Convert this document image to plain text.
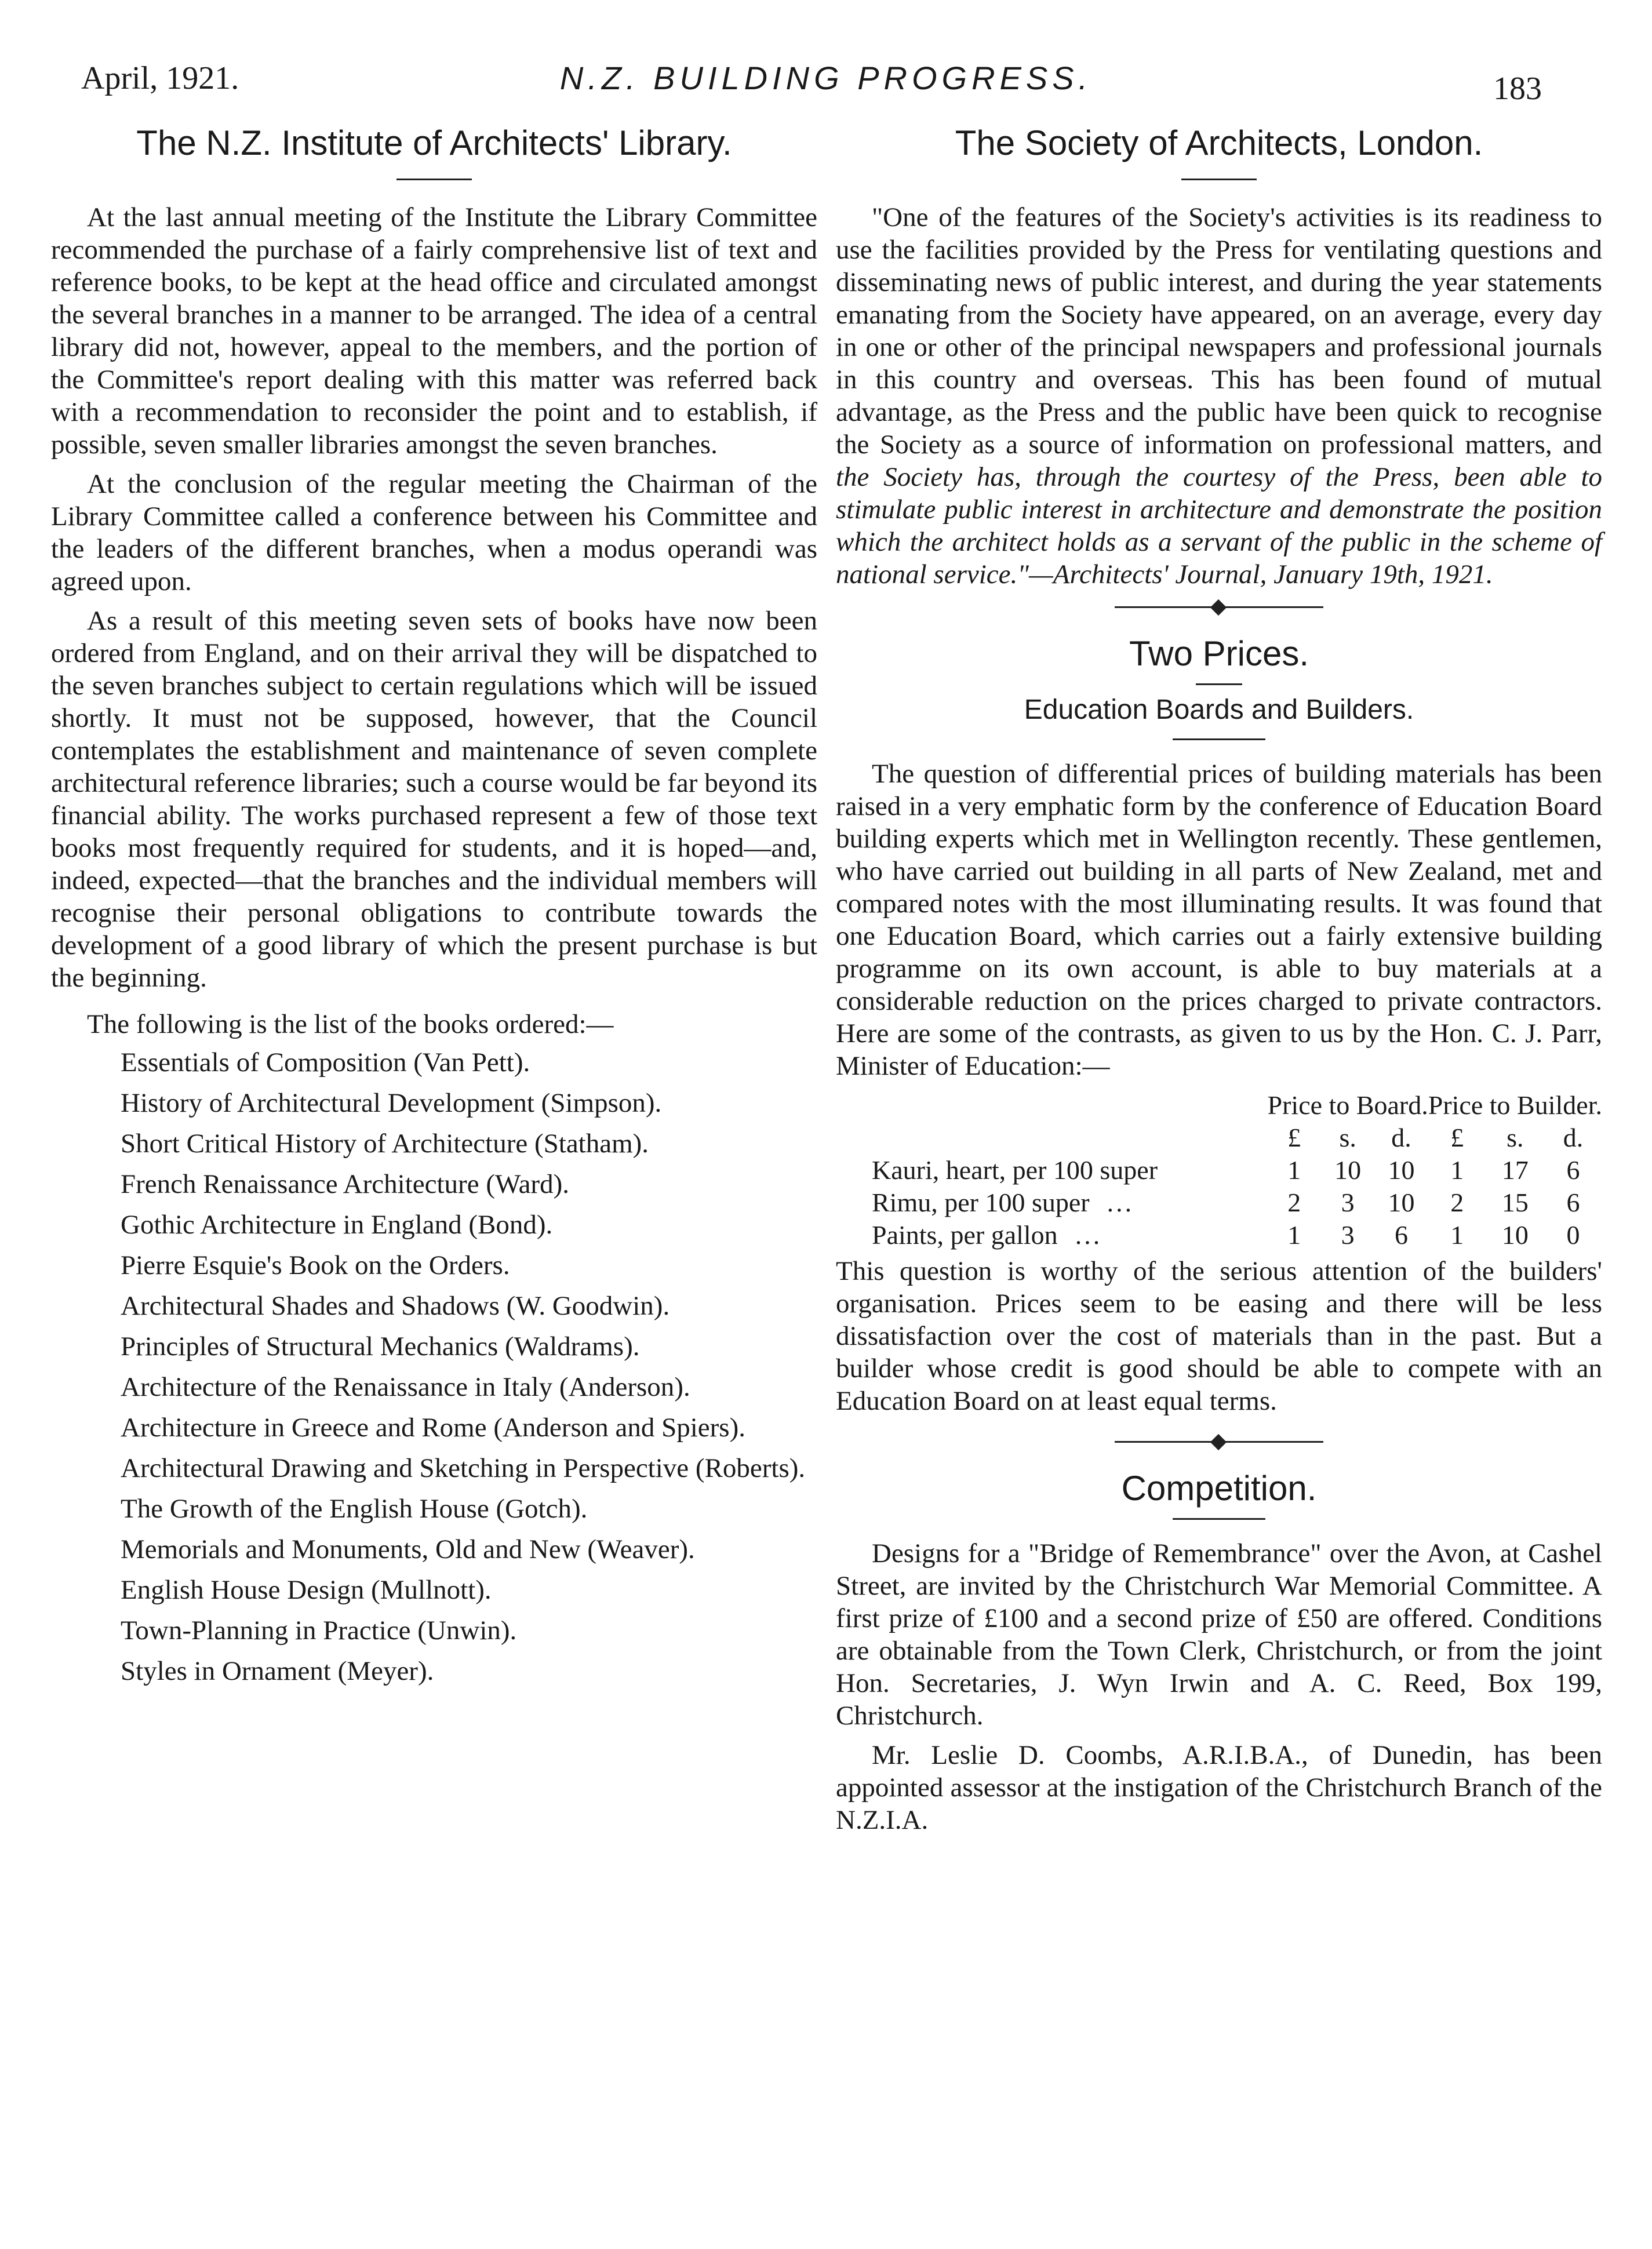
April, 1921.	N.Z. BUILDING PROGRESS.	183
The N.Z. Institute of Architects' Library.

At the last annual meeting of the Institute the Library Committee recommended the purchase of a fairly comprehensive list of text and reference books, to be kept at the head office and circulated amongst the several branches in a manner to be arranged. The idea of a central library did not, however, appeal to the members, and the portion of the Committee's report dealing with this matter was referred back with a recommendation to reconsider the point and to establish, if possible, seven smaller libraries amongst the seven branches.

At the conclusion of the regular meeting the Chairman of the Library Committee called a conference between his Committee and the leaders of the different branches, when a modus operandi was agreed upon.

As a result of this meeting seven sets of books have now been ordered from England, and on their arrival they will be dispatched to the seven branches subject to certain regulations which will be issued shortly. It must not be supposed, however, that the Council contemplates the establishment and maintenance of seven complete architectural reference libraries; such a course would be far beyond its financial ability. The works purchased represent a few of those text books most frequently required for students, and it is hoped—and, indeed, expected—that the branches and the individual members will recognise their personal obligations to contribute towards the development of a good library of which the present purchase is but the beginning.

The following is the list of the books ordered:—

Essentials of Composition (Van Pett).
History of Architectural Development (Simpson).
Short Critical History of Architecture (Statham).
French Renaissance Architecture (Ward).
Gothic Architecture in England (Bond).
Pierre Esquie's Book on the Orders.
Architectural Shades and Shadows (W. Goodwin).
Principles of Structural Mechanics (Waldrams).
Architecture of the Renaissance in Italy (Anderson).
Architecture in Greece and Rome (Anderson and Spiers).
Architectural Drawing and Sketching in Perspective (Roberts).
The Growth of the English House (Gotch).
Memorials and Monuments, Old and New (Weaver).
English House Design (Mullnott).
Town-Planning in Practice (Unwin).
Styles in Ornament (Meyer).
The Society of Architects, London.

"One of the features of the Society's activities is its readiness to use the facilities provided by the Press for ventilating questions and disseminating news of public interest, and during the year statements emanating from the Society have appeared, on an average, every day in one or other of the principal newspapers and professional journals in this country and overseas. This has been found of mutual advantage, as the Press and the public have been quick to recognise the Society as a source of information on professional matters, and the Society has, through the courtesy of the Press, been able to stimulate public interest in architecture and demonstrate the position which the architect holds as a servant of the public in the scheme of national service."—Architects' Journal, January 19th, 1921.

Two Prices.
Education Boards and Builders.

The question of differential prices of building materials has been raised in a very emphatic form by the conference of Education Board building experts which met in Wellington recently. These gentlemen, who have carried out building in all parts of New Zealand, met and compared notes with the most illuminating results. It was found that one Education Board, which carries out a fairly extensive building programme on its own account, is able to buy materials at a considerable reduction on the prices charged to private contractors. Here are some of the contrasts, as given to us by the Hon. C. J. Parr, Minister of Education:—

	Price to Board.			Price to Builder.		
	£	s.	d.	£	s.	d.
Kauri, heart, per 100 super	1	10	10	1	17	6
Rimu, per 100 super ...	2	3	10	2	15	6
Paints, per gallon ...	1	3	6	1	10	0

This question is worthy of the serious attention of the builders' organisation. Prices seem to be easing and there will be less dissatisfaction over the cost of materials than in the past. But a builder whose credit is good should be able to compete with an Education Board on at least equal terms.

Competition.

Designs for a "Bridge of Remembrance" over the Avon, at Cashel Street, are invited by the Christchurch War Memorial Committee. A first prize of £100 and a second prize of £50 are offered. Conditions are obtainable from the Town Clerk, Christchurch, or from the joint Hon. Secretaries, J. Wyn Irwin and A. C. Reed, Box 199, Christchurch.

Mr. Leslie D. Coombs, A.R.I.B.A., of Dunedin, has been appointed assessor at the instigation of the Christchurch Branch of the N.Z.I.A.
